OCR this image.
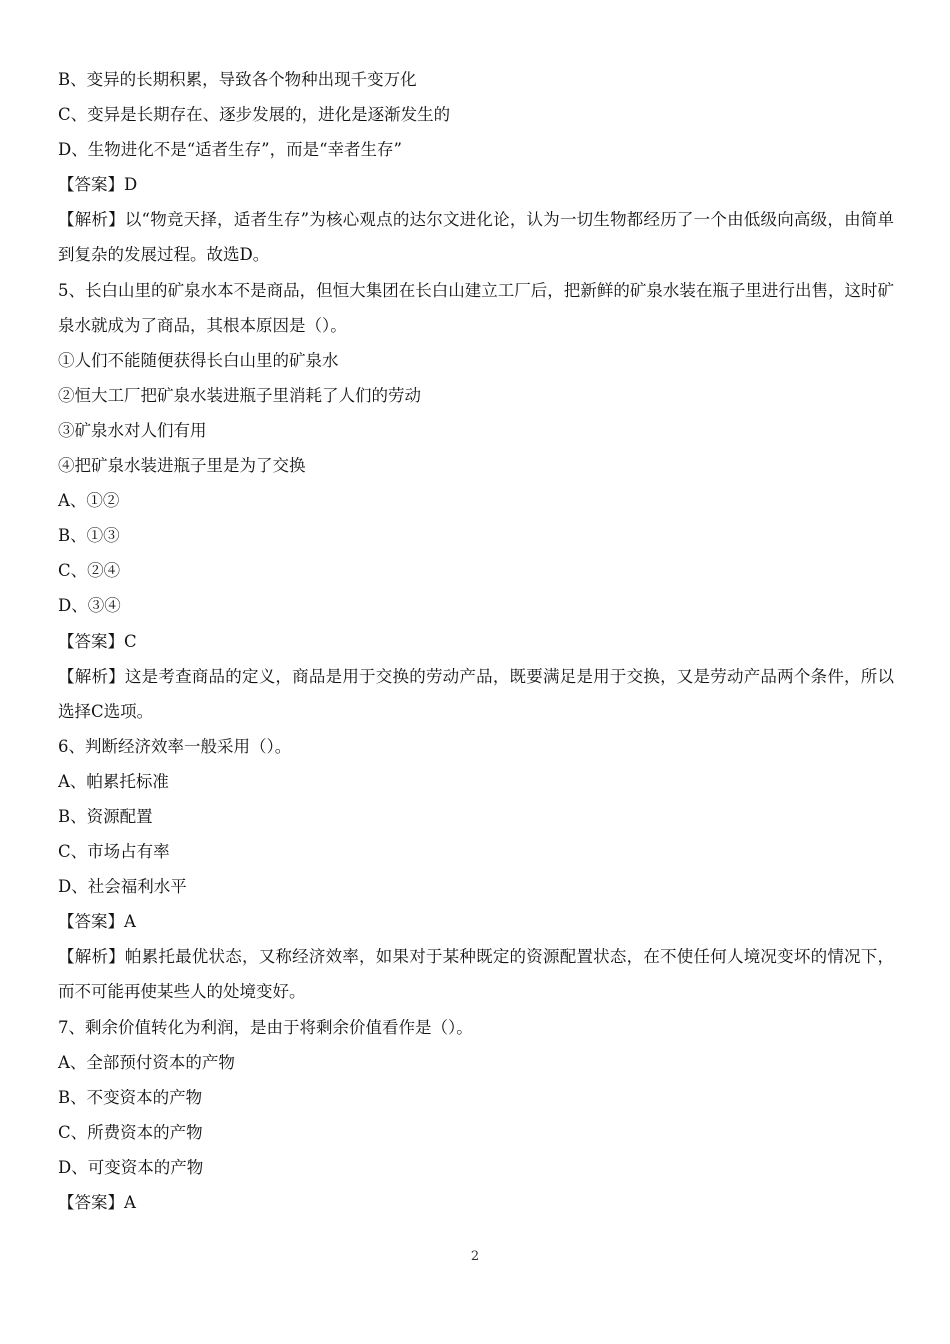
B、变异的长期积累，导致各个物种出现千变万化
C、变异是长期存在、逐步发展的，进化是逐渐发生的
D、生物进化不是“适者生存”，而是“幸者生存”
【答案】D
【解析】以“物竞天择，适者生存”为核心观点的达尔文进化论，认为一切生物都经历了一个由低级向高级，由简单到复杂的发展过程。故选D。
5、长白山里的矿泉水本不是商品，但恒大集团在长白山建立工厂后，把新鲜的矿泉水装在瓶子里进行出售，这时矿泉水就成为了商品，其根本原因是（）。
①人们不能随便获得长白山里的矿泉水
②恒大工厂把矿泉水装进瓶子里消耗了人们的劳动
③矿泉水对人们有用
④把矿泉水装进瓶子里是为了交换
A、①②
B、①③
C、②④
D、③④
【答案】C
【解析】这是考查商品的定义，商品是用于交换的劳动产品，既要满足是用于交换，又是劳动产品两个条件，所以选择C选项。
6、判断经济效率一般采用（）。
A、帕累托标准
B、资源配置
C、市场占有率
D、社会福利水平
【答案】A
【解析】帕累托最优状态，又称经济效率，如果对于某种既定的资源配置状态，在不使任何人境况变坏的情况下，而不可能再使某些人的处境变好。
7、剩余价值转化为利润，是由于将剩余价值看作是（）。
A、全部预付资本的产物
B、不变资本的产物
C、所费资本的产物
D、可变资本的产物
【答案】A
2
